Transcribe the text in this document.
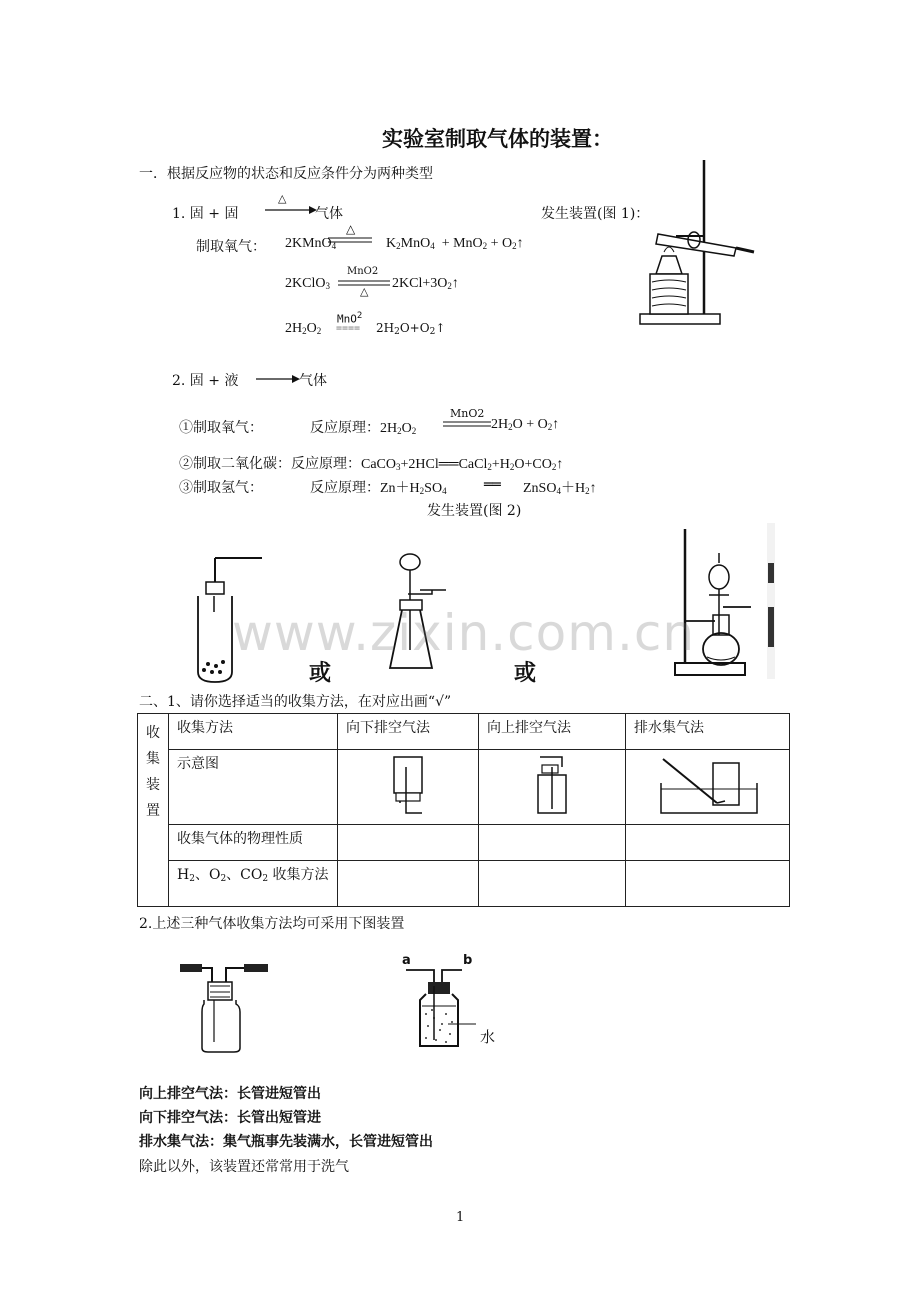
实验室制取气体的装置：
一．根据反应物的状态和反应条件分为两种类型
1. 固 + 固
△
气体	发生装置(图 1)：
制取氧气： 2KMnO$_4$
△
$K_2MnO_4 + MnO_2$ + $O_2↑$
MnO2
2KClO$_3$	△
$2KCl+3O_2↑$
$2H_2O_2$
MnO$^2$
==== $2H_2O+O_2↑$
2. 固 + 液	气体
①制取氧气：	反应原理：$2H_2O_2$
MnO2
$2H_2O$ + $O_2↑$
②制取二氧化碳：反应原理：$CaCO_3+2HCl══CaCl_2+H_2O+CO_2↑$
③制取氢气：	反应原理：$Zn+H_2SO_4$	══ $ZnSO_4+H_2↑$
发生装置(图 2)
或	或
www.zixin.com.cn
二、1、请你选择适当的收集方法，在对应出画“√”
收
集
装
置	收集方法	向下排空气法	向上排空气法	排水集气法
	示意图			
	收集气体的物理性质			
	$H_2$、$O_2$、$CO_2$ 收集方法			
2.上述三种气体收集方法均可采用下图装置
a	b
水
向上排空气法：长管进短管出
向下排空气法：长管出短管进
排水集气法：集气瓶事先装满水，长管进短管出
除此以外，该装置还常常用于洗气
1
